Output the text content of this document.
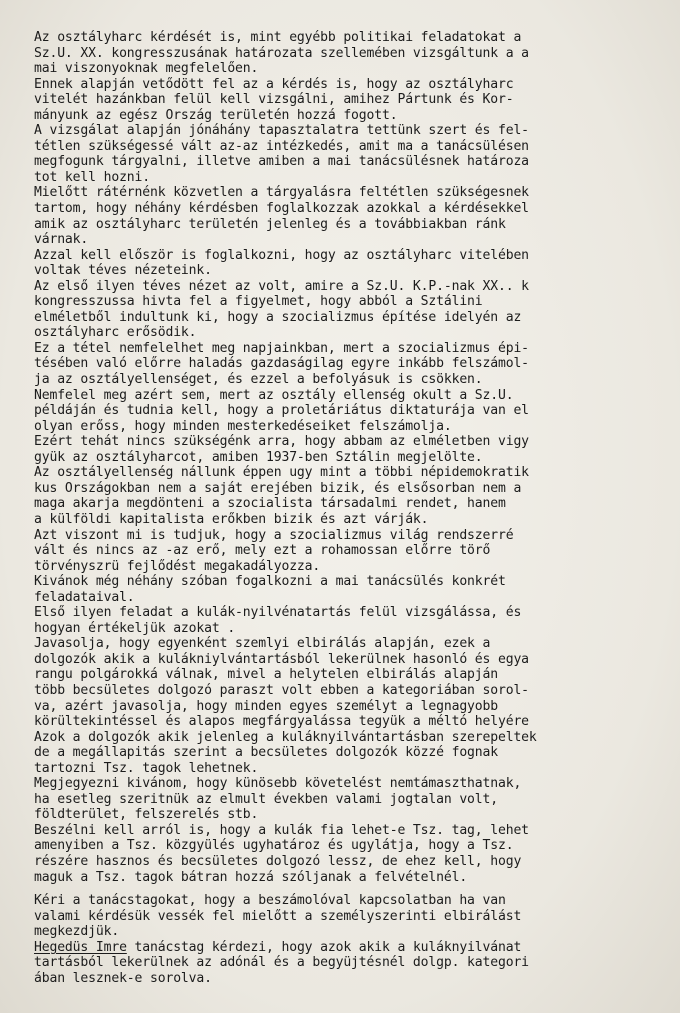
Az osztályharc kérdését is, mint egyébb politikai feladatokat a
Sz.U. XX. kongresszusának határozata szellemében vizsgáltunk a a
mai viszonyoknak megfelelően.
Ennek alapján vetődött fel az a kérdés is, hogy az osztályharc
vitelét hazánkban felül kell vizsgálni, amihez Pártunk és Kor-
mányunk az egész Ország területén hozzá fogott.
A vizsgálat alapján jónáhány tapasztalatra tettünk szert és fel-
tétlen szükségessé vált az-az intézkedés, amit ma a tanácsülésen
megfogunk tárgyalni, illetve amiben a mai tanácsülésnek határoza
tot kell hozni.
Mielőtt rátérnénk közvetlen a tárgyalásra feltétlen szükségesnek
tartom, hogy néhány kérdésben foglalkozzak azokkal a kérdésekkel
amik az osztályharc területén jelenleg és a továbbiakban ránk
várnak.
Azzal kell először is foglalkozni, hogy az osztályharc vitelében
voltak téves nézeteink.
Az első ilyen téves nézet az volt, amire a Sz.U. K.P.-nak XX.. k
kongresszussa hivta fel a figyelmet, hogy abból a Sztálini
elméletből indultunk ki, hogy a szocializmus építése idelyén az
osztályharc erősödik.
Ez a tétel nemfelelhet meg napjainkban, mert a szocializmus épi-
tésében való előrre haladás gazdaságilag egyre inkább felszámol-
ja az osztályellenséget, és ezzel a befolyásuk is csökken.
Nemfelel meg azért sem, mert az osztály ellenség okult a Sz.U.
példáján és tudnia kell, hogy a proletáriátus diktaturája van el
olyan erőss, hogy minden mesterkedéseiket felszámolja.
Ezért tehát nincs szükségénk arra, hogy abbam az elméletben vigy
gyük az osztályharcot, amiben 1937-ben Sztálin megjelölte.
Az osztályellenség nállunk éppen ugy mint a többi népidemokratik
kus Országokban nem a saját erejében bizik, és elsősorban nem a
maga akarja megdönteni a szocialista társadalmi rendet, hanem
a külföldi kapitalista erőkben bizik és azt várják.
Azt viszont mi is tudjuk, hogy a szocializmus világ rendszerré
vált és nincs az -az erő, mely ezt a rohamossan előrre törő
törvényszrü fejlődést megakadályozza.
Kivánok még néhány szóban fogalkozni a mai tanácsülés konkrét
feladataival.
Első ilyen feladat a kulák-nyilvénatartás felül vizsgálássa, és
hogyan értékeljük azokat .
Javasolja, hogy egyenként szemlyi elbirálás alapján, ezek a
dolgozók akik a kulákniylvántartásból lekerülnek hasonló és egya
rangu polgárokká válnak, mivel a helytelen elbirálás alapján
több becsületes dolgozó paraszt volt ebben a kategoriában sorol-
va, azért javasolja, hogy minden egyes személyt a legnagyobb
körültekintéssel és alapos megfárgyalássa tegyük a méltó helyére
Azok a dolgozók akik jelenleg a kuláknyilvántartásban szerepeltek
de a megállapitás szerint a becsületes dolgozók közzé fognak
tartozni Tsz. tagok lehetnek.
Megjegyezni kivánom, hogy künösebb követelést nemtámaszthatnak,
ha esetleg szeritnük az elmult években valami jogtalan volt,
földterület, felszerelés stb.
Beszélni kell arról is, hogy a kulák fia lehet-e Tsz. tag, lehet
amenyiben a Tsz. közgyülés ugyhatároz és ugylátja, hogy a Tsz.
részére hasznos és becsületes dolgozó lessz, de ehez kell, hogy
maguk a Tsz. tagok bátran hozzá szóljanak a felvételnél.
Kéri a tanácstagokat, hogy a beszámolóval kapcsolatban ha van
valami kérdésük vessék fel mielőtt a személyszerinti elbirálást
megkezdjük.
Hegedüs Imre tanácstag kérdezi, hogy azok akik a kuláknyilvánat
tartásból lekerülnek az adónál és a begyüjtésnél dolgp. kategori
ában lesznek-e sorolva.
